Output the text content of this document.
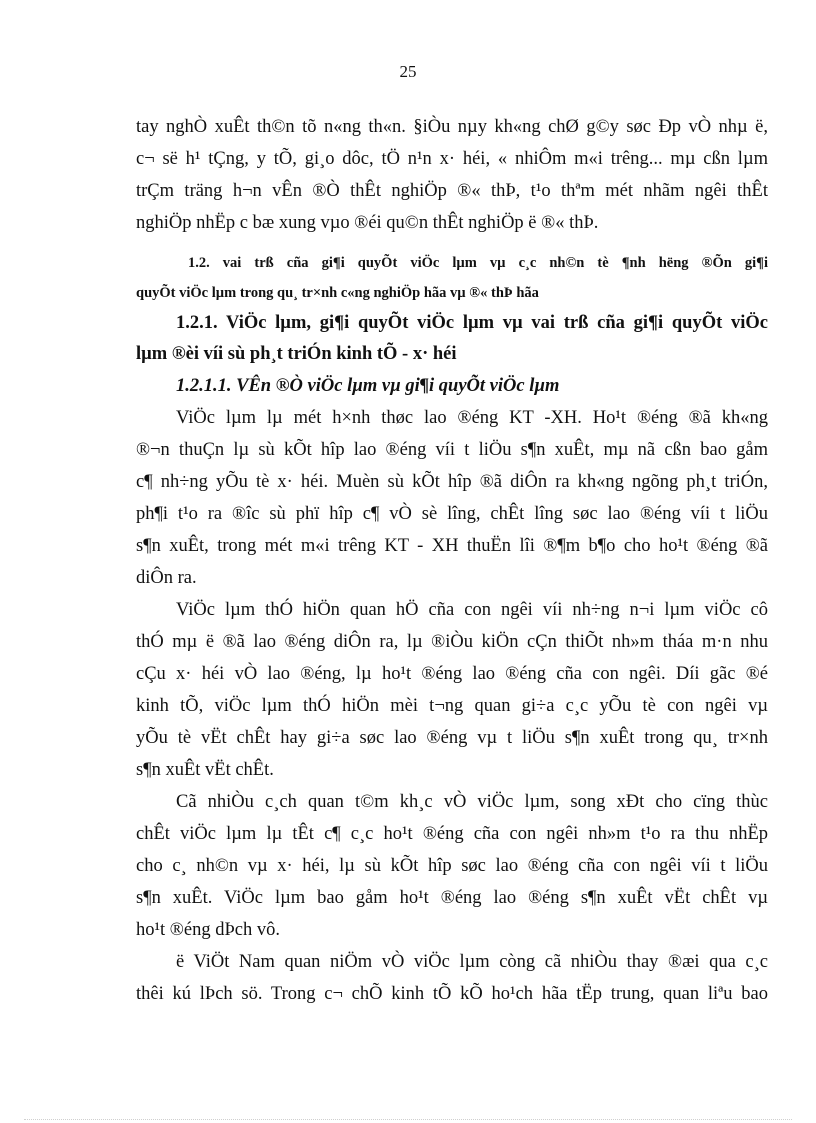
25
tay nghÒ xuÊt th©n tõ n«ng th«n. §iÒu nµy kh«ng chØ g©y søc Ðp vÒ nhµ ë,
c¬ së h¹ tÇng, y tÕ, gi¸o dôc, tÖ n¹n x· héi, « nhiÔm m«i trêng... mµ cßn lµm
trÇm träng h¬n vÊn ®Ò thÊt nghiÖp ®« thÞ, t¹o thªm mét nhãm ngêi thÊt
nghiÖp nhËp c bæ xung vµo ®éi qu©n thÊt nghiÖp ë ®« thÞ.
1.2. vai trß cña gi¶i quyÕt viÖc lµm vµ c¸c nh©n tè ¶nh hëng ®Õn gi¶i
quyÕt viÖc lµm trong qu¸ tr×nh c«ng nghiÖp hãa vµ ®« thÞ hãa
1.2.1. ViÖc lµm, gi¶i quyÕt viÖc lµm vµ vai trß cña gi¶i quyÕt viÖc
lµm ®èi víi sù ph¸t triÓn kinh tÕ - x· héi
1.2.1.1. VÊn ®Ò viÖc lµm vµ gi¶i quyÕt viÖc lµm
ViÖc lµm lµ mét h×nh thøc lao ®éng KT -XH. Ho¹t ®éng ®ã kh«ng
®¬n thuÇn lµ sù kÕt hîp lao ®éng víi t liÖu s¶n xuÊt, mµ nã cßn bao gåm
c¶ nh÷ng yÕu tè x· héi. Muèn sù kÕt hîp ®ã diÔn ra kh«ng ngõng ph¸t triÓn,
ph¶i t¹o ra ®îc sù phï hîp c¶ vÒ sè lîng, chÊt lîng søc lao ®éng víi t liÖu
s¶n xuÊt, trong mét m«i trêng KT - XH thuËn lîi ®¶m b¶o cho ho¹t ®éng ®ã
diÔn ra.
ViÖc lµm thÓ hiÖn quan hÖ cña con ngêi víi nh÷ng n¬i lµm viÖc cô
thÓ mµ ë ®ã lao ®éng diÔn ra, lµ ®iÒu kiÖn cÇn thiÕt nh»m tháa m·n nhu
cÇu x· héi vÒ lao ®éng, lµ ho¹t ®éng lao ®éng cña con ngêi. Díi gãc ®é
kinh tÕ, viÖc lµm thÓ hiÖn mèi t¬ng quan gi÷a c¸c yÕu tè con ngêi vµ
yÕu tè vËt chÊt hay gi÷a søc lao ®éng vµ t liÖu s¶n xuÊt trong qu¸ tr×nh
s¶n xuÊt vËt chÊt.
Cã nhiÒu c¸ch quan t©m kh¸c vÒ viÖc lµm, song xÐt cho cïng thùc
chÊt viÖc lµm lµ tÊt c¶ c¸c ho¹t ®éng cña con ngêi nh»m t¹o ra thu nhËp
cho c¸ nh©n vµ x· héi, lµ sù kÕt hîp søc lao ®éng cña con ngêi víi t liÖu
s¶n xuÊt. ViÖc lµm bao gåm ho¹t ®éng lao ®éng s¶n xuÊt vËt chÊt vµ
ho¹t ®éng dÞch vô.
ë ViÖt Nam quan niÖm vÒ viÖc lµm còng cã nhiÒu thay ®æi qua c¸c
thêi kú lÞch sö. Trong c¬ chÕ kinh tÕ kÕ ho¹ch hãa tËp trung, quan liªu bao
